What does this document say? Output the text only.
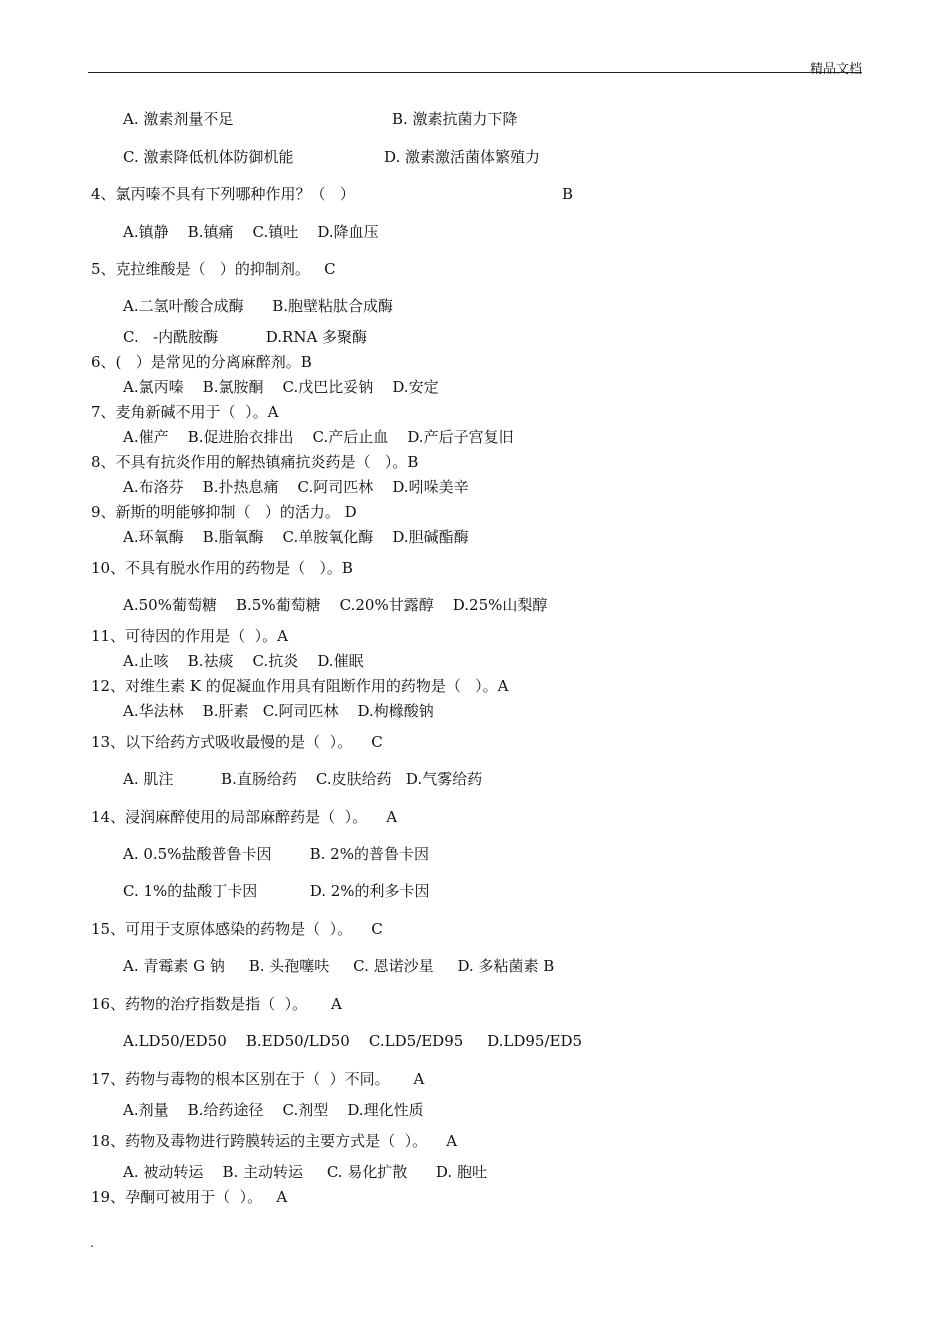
精品文档
A. 激素剂量不足	B. 激素抗菌力下降
C. 激素降低机体防御机能	D. 激素激活菌体繁殖力
4、氯丙嗪不具有下列哪种作用？（   ）	B
A.镇静    B.镇痛    C.镇吐    D.降血压
5、克拉维酸是（   ）的抑制剂。   C
A.二氢叶酸合成酶      B.胞壁粘肽合成酶
C.   -内酰胺酶          D.RNA 多聚酶
6、(   ）是常见的分离麻醉剂。B
A.氯丙嗪    B.氯胺酮    C.戊巴比妥钠    D.安定
7、麦角新碱不用于（  ）。A
A.催产    B.促进胎衣排出    C.产后止血    D.产后子宫复旧
8、不具有抗炎作用的解热镇痛抗炎药是（   ）。B
A.布洛芬    B.扑热息痛    C.阿司匹林    D.吲哚美辛
9、新斯的明能够抑制（   ）的活力。 D
A.环氧酶    B.脂氧酶    C.单胺氧化酶    D.胆碱酯酶
10、不具有脱水作用的药物是（   ）。B
A.50%葡萄糖    B.5%葡萄糖    C.20%甘露醇    D.25%山梨醇
11、可待因的作用是（  ）。A
A.止咳    B.祛痰    C.抗炎    D.催眠
12、对维生素 K 的促凝血作用具有阻断作用的药物是（   ）。A
A.华法林    B.肝素   C.阿司匹林    D.枸橼酸钠
13、以下给药方式吸收最慢的是（  ）。    C
A. 肌注          B.直肠给药    C.皮肤给药   D.气雾给药
14、浸润麻醉使用的局部麻醉药是（  ）。    A
A. 0.5%盐酸普鲁卡因        B. 2%的普鲁卡因
C. 1%的盐酸丁卡因           D. 2%的利多卡因
15、可用于支原体感染的药物是（  ）。    C
A. 青霉素 G 钠     B. 头孢噻呋     C. 恩诺沙星     D. 多粘菌素 B
16、药物的治疗指数是指（  ）。     A
A.LD50/ED50    B.ED50/LD50    C.LD5/ED95     D.LD95/ED5
17、药物与毒物的根本区别在于（  ）不同。     A
A.剂量    B.给药途径    C.剂型    D.理化性质
18、药物及毒物进行跨膜转运的主要方式是（  ）。    A
A. 被动转运    B. 主动转运     C. 易化扩散      D. 胞吐
19、孕酮可被用于（  ）。   A
.
